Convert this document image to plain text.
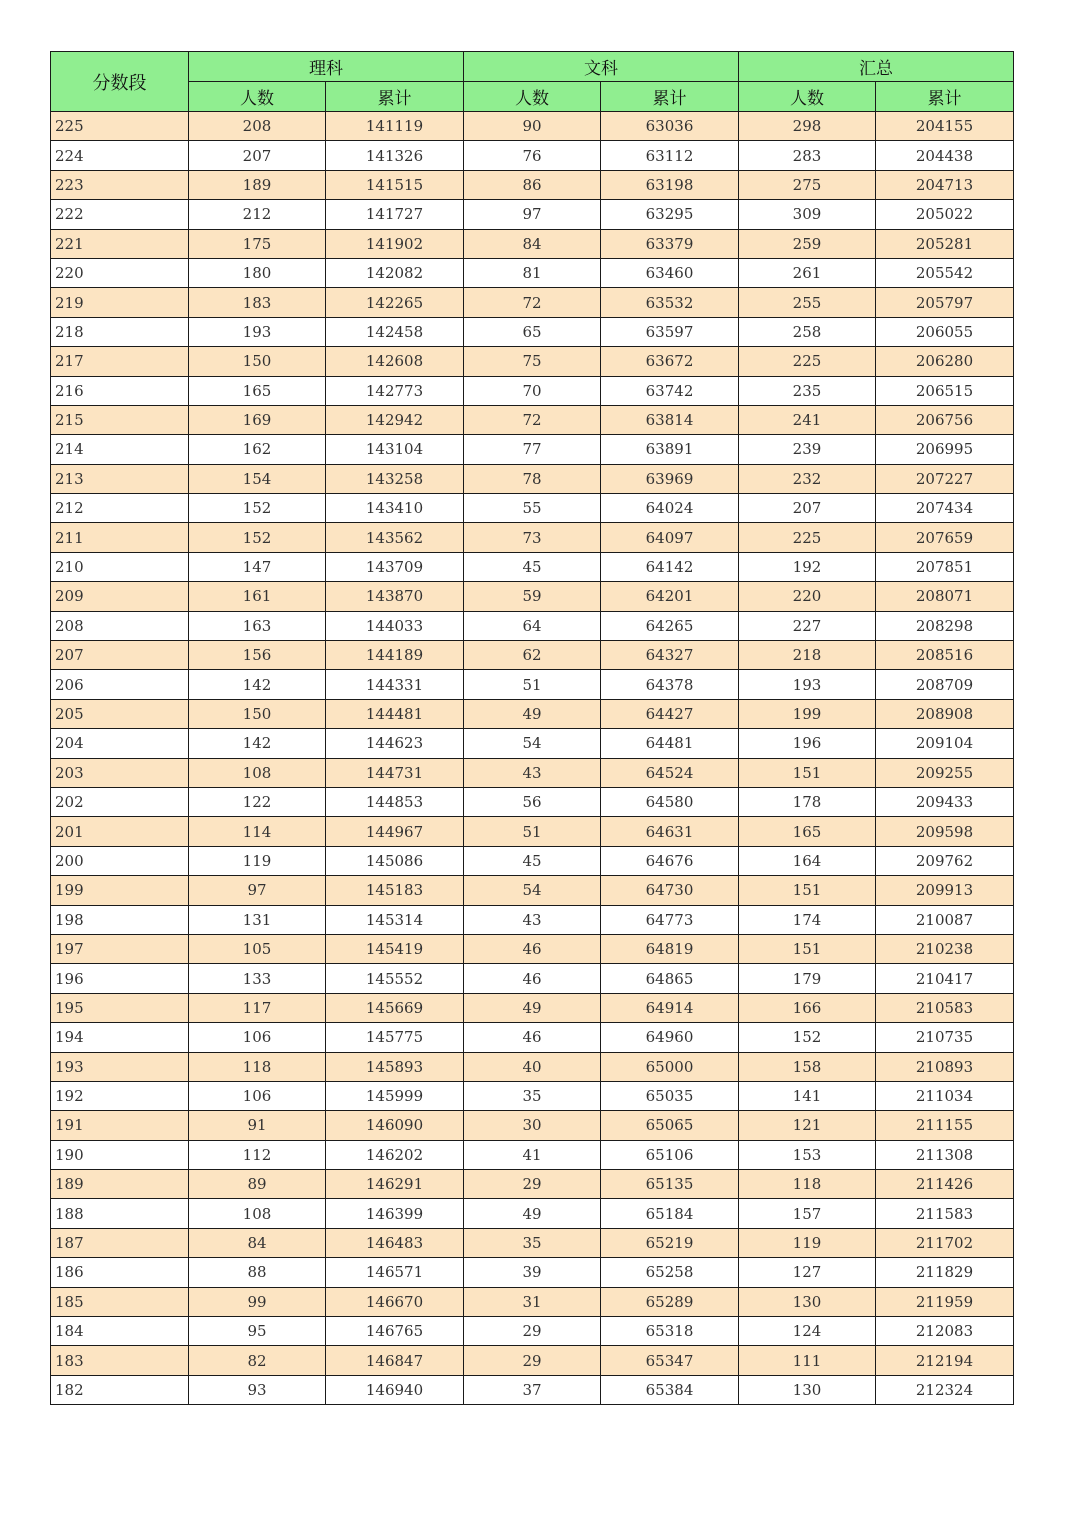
分数段	理科		文科		汇总	
	人数	累计	人数	累计	人数	累计
225	208	141119	90	63036	298	204155
224	207	141326	76	63112	283	204438
223	189	141515	86	63198	275	204713
222	212	141727	97	63295	309	205022
221	175	141902	84	63379	259	205281
220	180	142082	81	63460	261	205542
219	183	142265	72	63532	255	205797
218	193	142458	65	63597	258	206055
217	150	142608	75	63672	225	206280
216	165	142773	70	63742	235	206515
215	169	142942	72	63814	241	206756
214	162	143104	77	63891	239	206995
213	154	143258	78	63969	232	207227
212	152	143410	55	64024	207	207434
211	152	143562	73	64097	225	207659
210	147	143709	45	64142	192	207851
209	161	143870	59	64201	220	208071
208	163	144033	64	64265	227	208298
207	156	144189	62	64327	218	208516
206	142	144331	51	64378	193	208709
205	150	144481	49	64427	199	208908
204	142	144623	54	64481	196	209104
203	108	144731	43	64524	151	209255
202	122	144853	56	64580	178	209433
201	114	144967	51	64631	165	209598
200	119	145086	45	64676	164	209762
199	97	145183	54	64730	151	209913
198	131	145314	43	64773	174	210087
197	105	145419	46	64819	151	210238
196	133	145552	46	64865	179	210417
195	117	145669	49	64914	166	210583
194	106	145775	46	64960	152	210735
193	118	145893	40	65000	158	210893
192	106	145999	35	65035	141	211034
191	91	146090	30	65065	121	211155
190	112	146202	41	65106	153	211308
189	89	146291	29	65135	118	211426
188	108	146399	49	65184	157	211583
187	84	146483	35	65219	119	211702
186	88	146571	39	65258	127	211829
185	99	146670	31	65289	130	211959
184	95	146765	29	65318	124	212083
183	82	146847	29	65347	111	212194
182	93	146940	37	65384	130	212324
